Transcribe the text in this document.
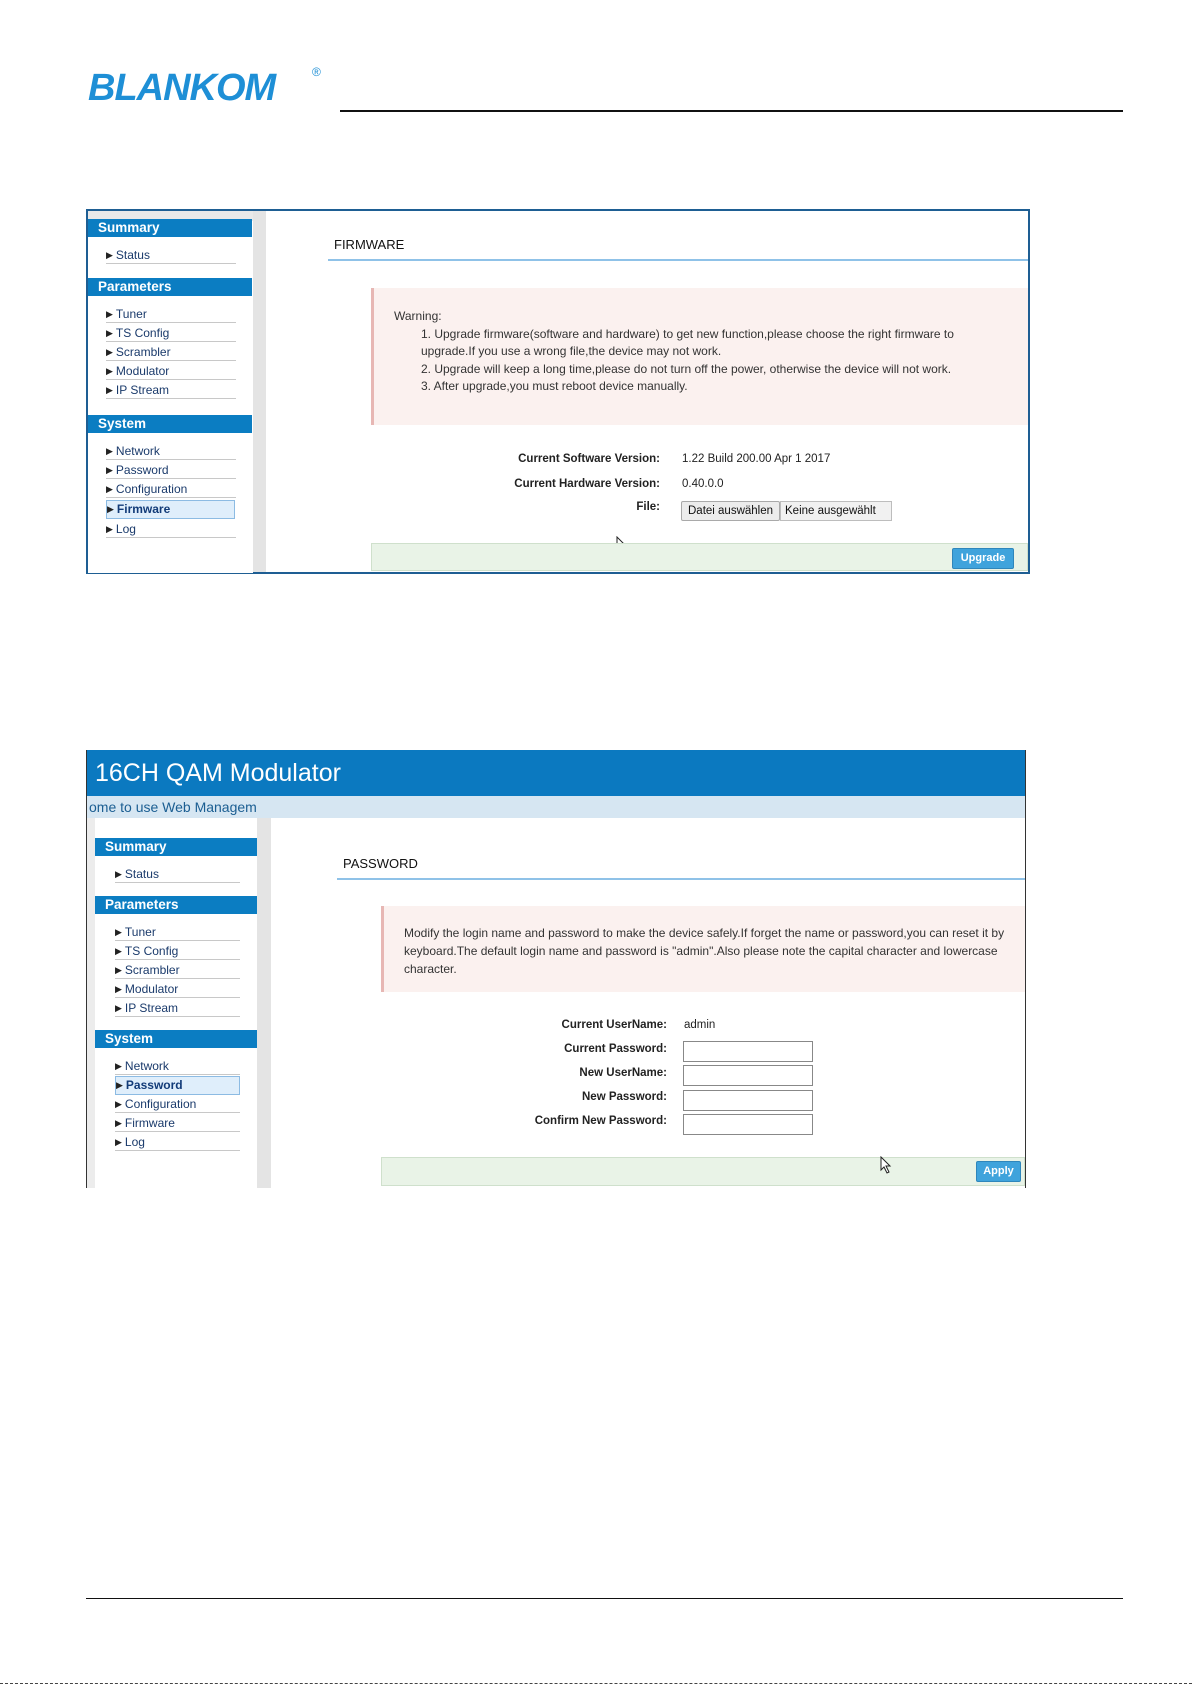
BLANKOM	®
Summary
▶ Status
Parameters
▶ Tuner
▶ TS Config
▶ Scrambler
▶ Modulator
▶ IP Stream
System
▶ Network
▶ Password
▶ Configuration
▶ Firmware
▶ Log
FIRMWARE
Warning:
1. Upgrade firmware(software and hardware) to get new function,please choose the right firmware to
upgrade.If you use a wrong file,the device may not work.
2. Upgrade will keep a long time,please do not turn off the power, otherwise the device will not work.
3. After upgrade,you must reboot device manually.
Current Software Version: 1.22 Build 200.00 Apr 1 2017
Current Hardware Version: 0.40.0.0
File:	Datei auswählen	Keine ausgewählt
Upgrade
16CH QAM Modulator
ome to use Web Managem
Summary
▶ Status
Parameters
▶ Tuner
▶ TS Config
▶ Scrambler
▶ Modulator
▶ IP Stream
System
▶ Network
▶ Password
▶ Configuration
▶ Firmware
▶ Log
PASSWORD
Modify the login name and password to make the device safely.If forget the name or password,you can reset it by
keyboard.The default login name and password is "admin".Also please note the capital character and lowercase
character.
Current UserName: admin
Current Password:
New UserName:
New Password:
Confirm New Password:
Apply
